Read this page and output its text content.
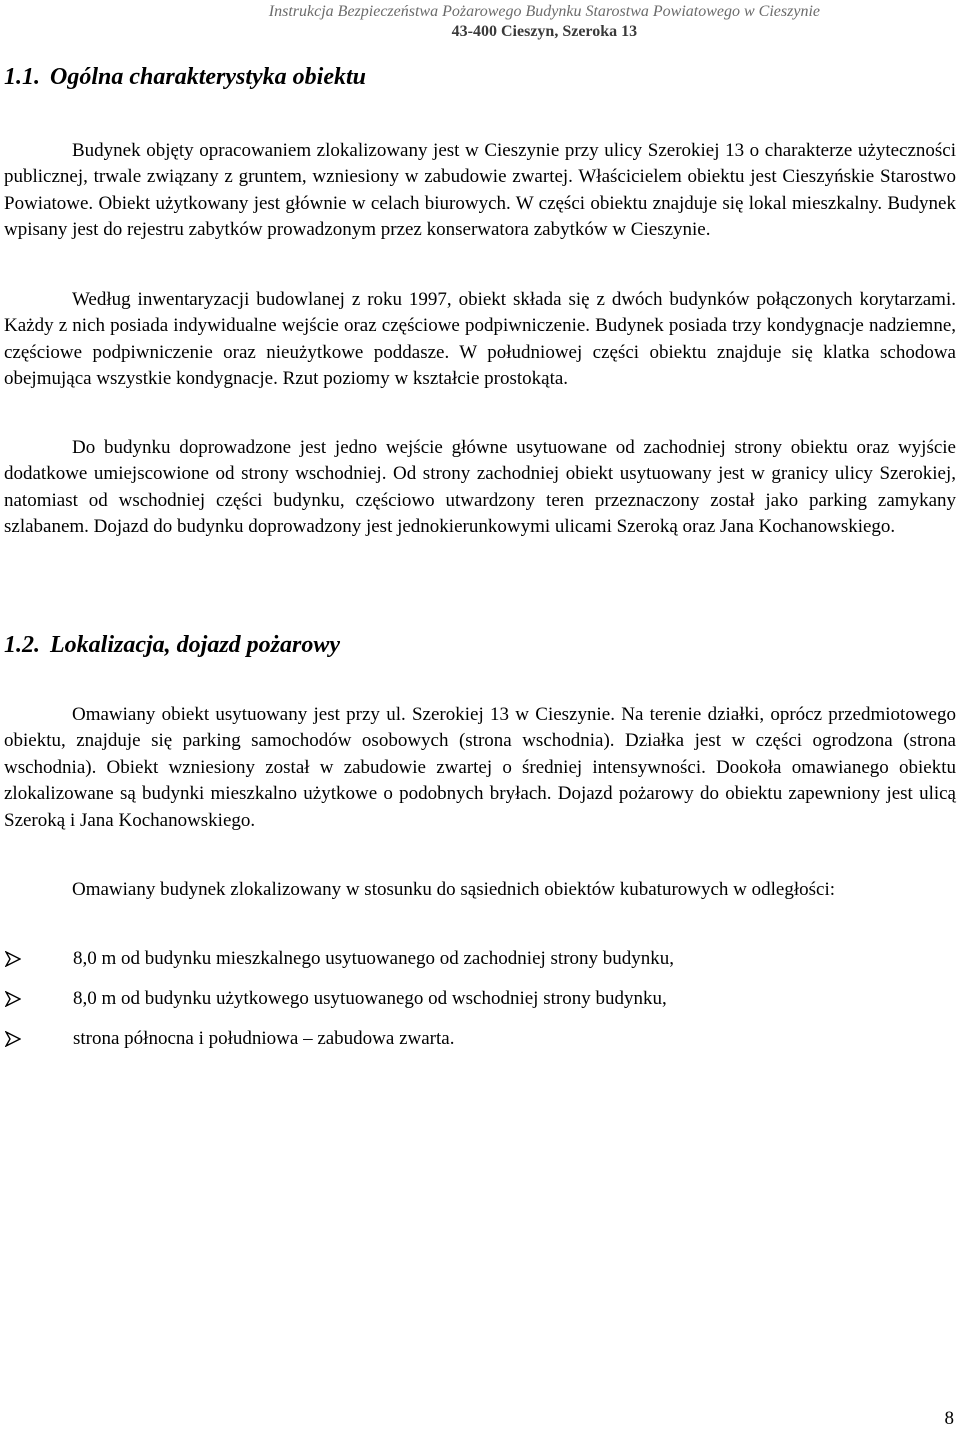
Instrukcja Bezpieczeństwa Pożarowego Budynku Starostwa Powiatowego w Cieszynie
43-400 Cieszyn, Szeroka 13
1.1. Ogólna charakterystyka obiektu

Budynek objęty opracowaniem zlokalizowany jest w Cieszynie przy ulicy Szerokiej 13 o charakterze użyteczności publicznej, trwale związany z gruntem, wzniesiony w zabudowie zwartej. Właścicielem obiektu jest Cieszyńskie Starostwo Powiatowe. Obiekt użytkowany jest głównie w celach biurowych. W części obiektu znajduje się lokal mieszkalny. Budynek wpisany jest do rejestru zabytków prowadzonym przez konserwatora zabytków w Cieszynie.

Według inwentaryzacji budowlanej z roku 1997, obiekt składa się z dwóch budynków połączonych korytarzami. Każdy z nich posiada indywidualne wejście oraz częściowe podpiwniczenie. Budynek posiada trzy kondygnacje nadziemne, częściowe podpiwniczenie oraz nieużytkowe poddasze. W południowej części obiektu znajduje się klatka schodowa obejmująca wszystkie kondygnacje. Rzut poziomy w kształcie prostokąta.

Do budynku doprowadzone jest jedno wejście główne usytuowane od zachodniej strony obiektu oraz wyjście dodatkowe umiejscowione od strony wschodniej. Od strony zachodniej obiekt usytuowany jest w granicy ulicy Szerokiej, natomiast od wschodniej części budynku, częściowo utwardzony teren przeznaczony został jako parking zamykany szlabanem. Dojazd do budynku doprowadzony jest jednokierunkowymi ulicami Szeroką oraz Jana Kochanowskiego.

1.2. Lokalizacja, dojazd pożarowy

Omawiany obiekt usytuowany jest przy ul. Szerokiej 13 w Cieszynie. Na terenie działki, oprócz przedmiotowego obiektu, znajduje się parking samochodów osobowych (strona wschodnia). Działka jest w części ogrodzona (strona wschodnia). Obiekt wzniesiony został w zabudowie zwartej o średniej intensywności. Dookoła omawianego obiektu zlokalizowane są budynki mieszkalno użytkowe o podobnych bryłach. Dojazd pożarowy do obiektu zapewniony jest ulicą Szeroką i Jana Kochanowskiego.

Omawiany budynek zlokalizowany w stosunku do sąsiednich obiektów kubaturowych w odległości:

8,0 m od budynku mieszkalnego usytuowanego od zachodniej strony budynku,
8,0 m od budynku użytkowego usytuowanego od wschodniej strony budynku,
strona północna i południowa – zabudowa zwarta.
8
